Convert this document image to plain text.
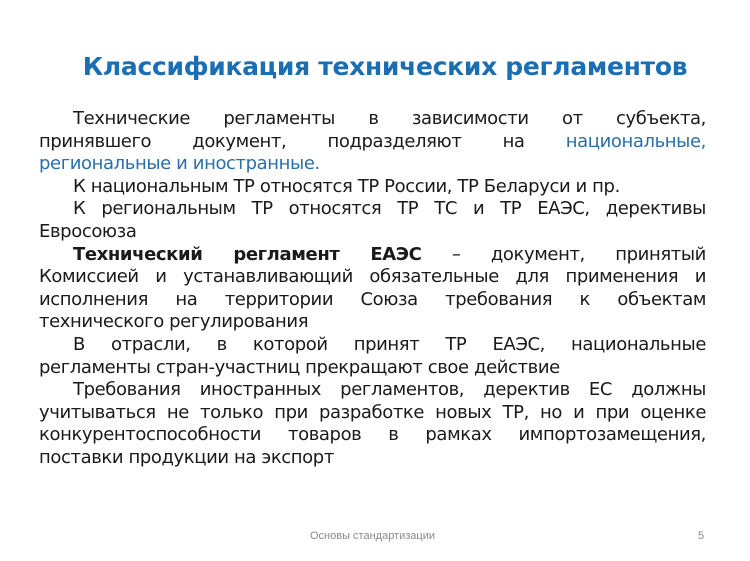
Классификация технических регламентов
Технические регламенты в зависимости от субъекта,
принявшего документ, подразделяют на национальные,
региональные и иностранные.
К национальным ТР относятся ТР России, ТР Беларуси и пр.
К региональным ТР относятся ТР ТС и ТР ЕАЭС, дерективы
Евросоюза
Технический регламент ЕАЭС – документ, принятый
Комиссией и устанавливающий обязательные для применения и
исполнения на территории Союза требования к объектам
технического регулирования
В отрасли, в которой принят ТР ЕАЭС, национальные
регламенты стран-участниц прекращают свое действие
Требования иностранных регламентов, деректив ЕС должны
учитываться не только при разработке новых ТР, но и при оценке
конкурентоспособности товаров в рамках импортозамещения,
поставки продукции на экспорт
Основы стандартизации	5
